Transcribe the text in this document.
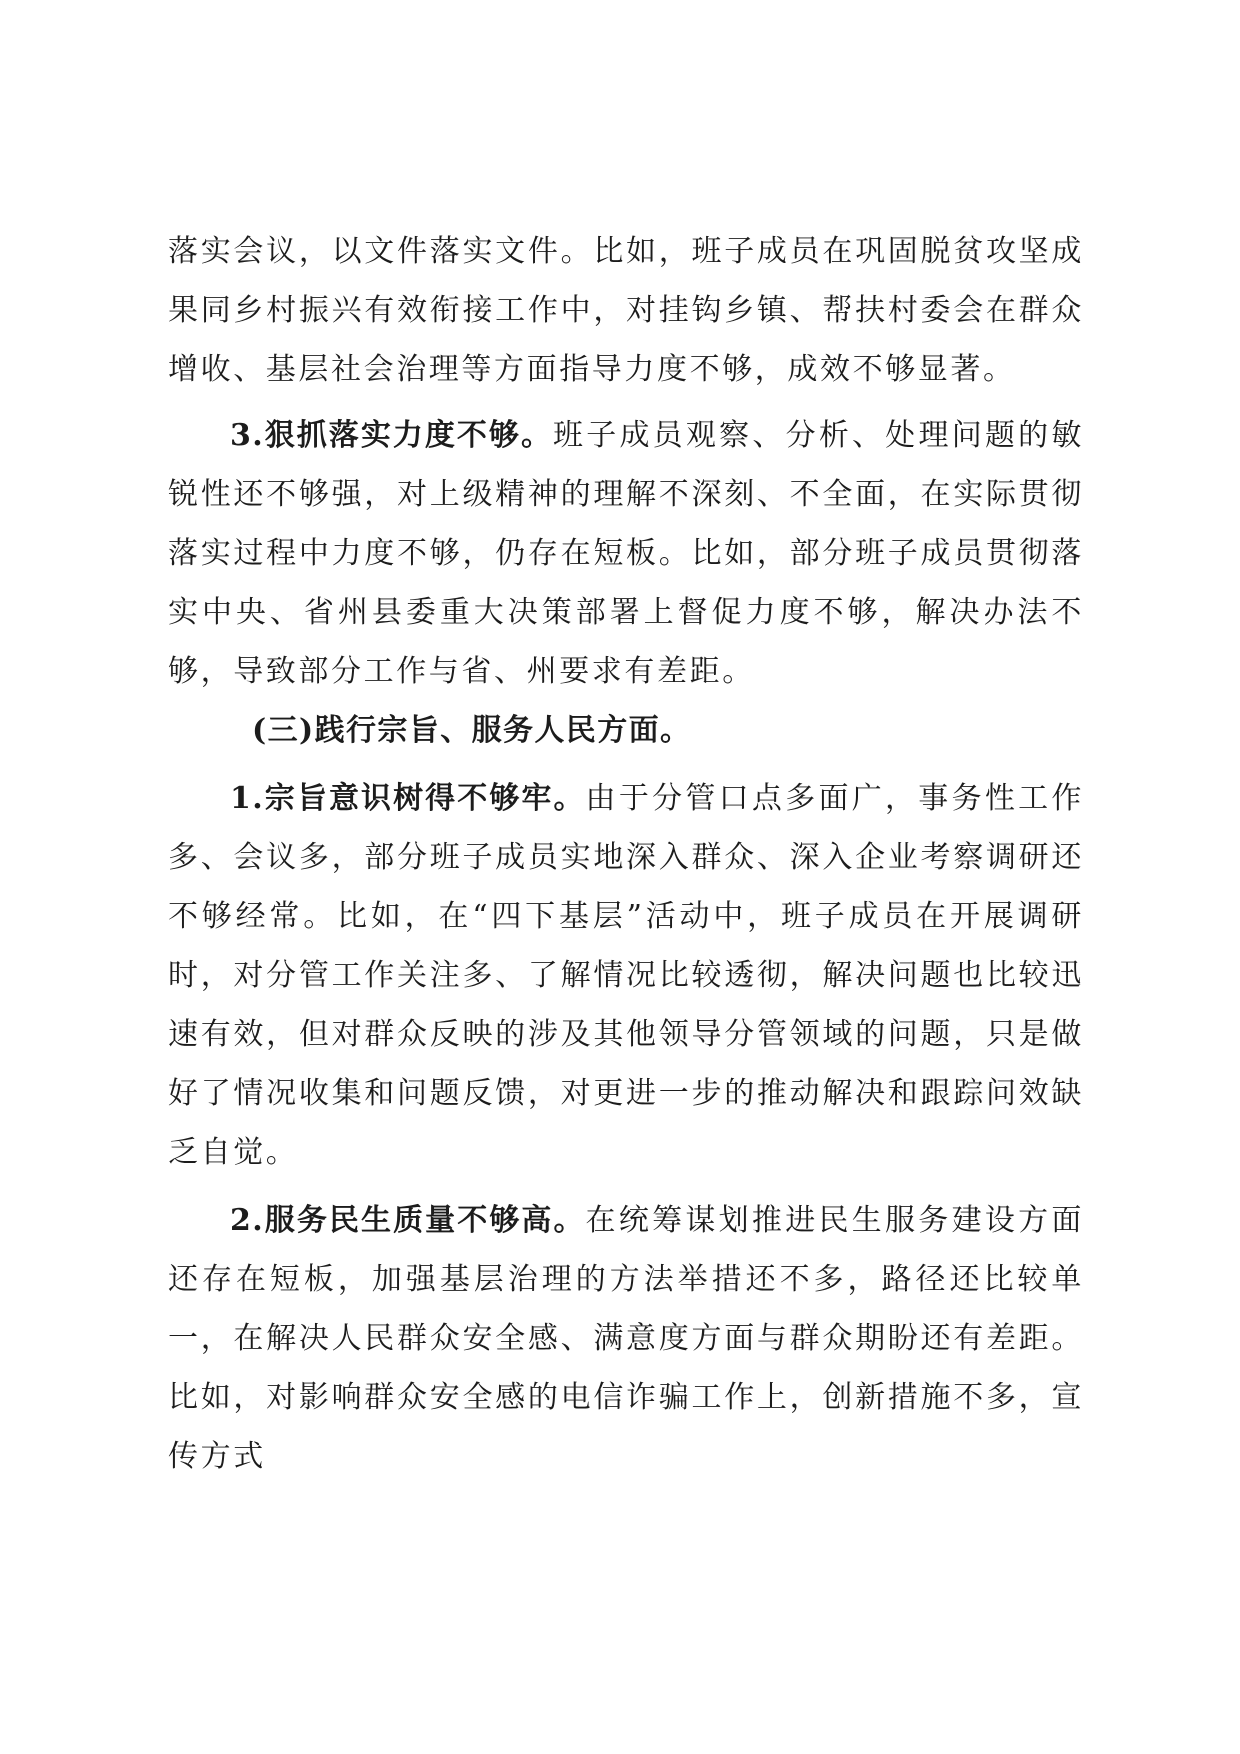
落实会议，以文件落实文件。比如，班子成员在巩固脱贫攻坚成果同乡村振兴有效衔接工作中，对挂钩乡镇、帮扶村委会在群众增收、基层社会治理等方面指导力度不够，成效不够显著。

3.狠抓落实力度不够。班子成员观察、分析、处理问题的敏锐性还不够强，对上级精神的理解不深刻、不全面，在实际贯彻落实过程中力度不够，仍存在短板。比如，部分班子成员贯彻落实中央、省州县委重大决策部署上督促力度不够，解决办法不够，导致部分工作与省、州要求有差距。

(三)践行宗旨、服务人民方面。

1.宗旨意识树得不够牢。由于分管口点多面广，事务性工作多、会议多，部分班子成员实地深入群众、深入企业考察调研还不够经常。比如，在“四下基层”活动中，班子成员在开展调研时，对分管工作关注多、了解情况比较透彻，解决问题也比较迅速有效，但对群众反映的涉及其他领导分管领域的问题，只是做好了情况收集和问题反馈，对更进一步的推动解决和跟踪问效缺乏自觉。

2.服务民生质量不够高。在统筹谋划推进民生服务建设方面还存在短板，加强基层治理的方法举措还不多，路径还比较单一，在解决人民群众安全感、满意度方面与群众期盼还有差距。比如，对影响群众安全感的电信诈骗工作上，创新措施不多，宣传方式
